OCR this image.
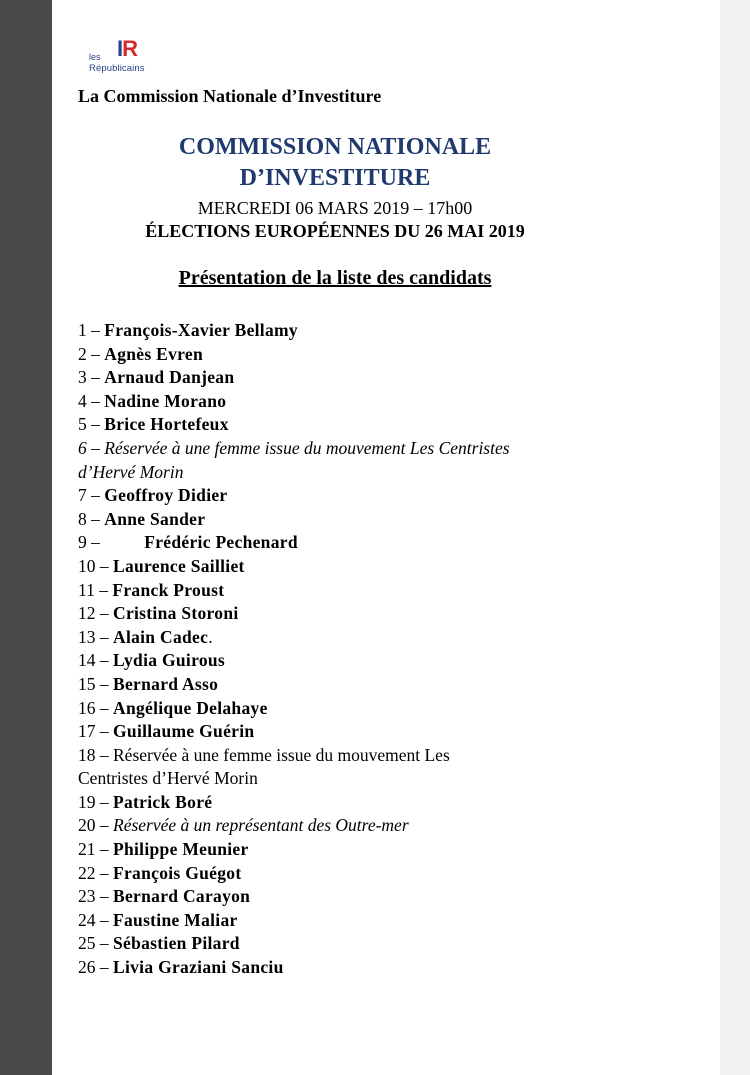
IR
les
Républicains
La Commission Nationale d’Investiture
COMMISSION NATIONALE
D’INVESTITURE
MERCREDI 06 MARS 2019 – 17h00
ÉLECTIONS EUROPÉENNES DU 26 MAI 2019
Présentation de la liste des candidats
1 – François-Xavier Bellamy
2 – Agnès Evren
3 – Arnaud Danjean
4 – Nadine Morano
5 – Brice Hortefeux
6 – Réservée à une femme issue du mouvement Les Centristes
d’Hervé Morin
7 – Geoffroy Didier
8 – Anne Sander
9 – Frédéric Pechenard
10 – Laurence Sailliet
11 – Franck Proust
12 – Cristina Storoni
13 – Alain Cadec.
14 – Lydia Guirous
15 – Bernard Asso
16 – Angélique Delahaye
17 – Guillaume Guérin
18 – Réservée à une femme issue du mouvement Les
Centristes d’Hervé Morin
19 – Patrick Boré
20 – Réservée à un représentant des Outre-mer
21 – Philippe Meunier
22 – François Guégot
23 – Bernard Carayon
24 – Faustine Maliar
25 – Sébastien Pilard
26 – Livia Graziani Sanciu
